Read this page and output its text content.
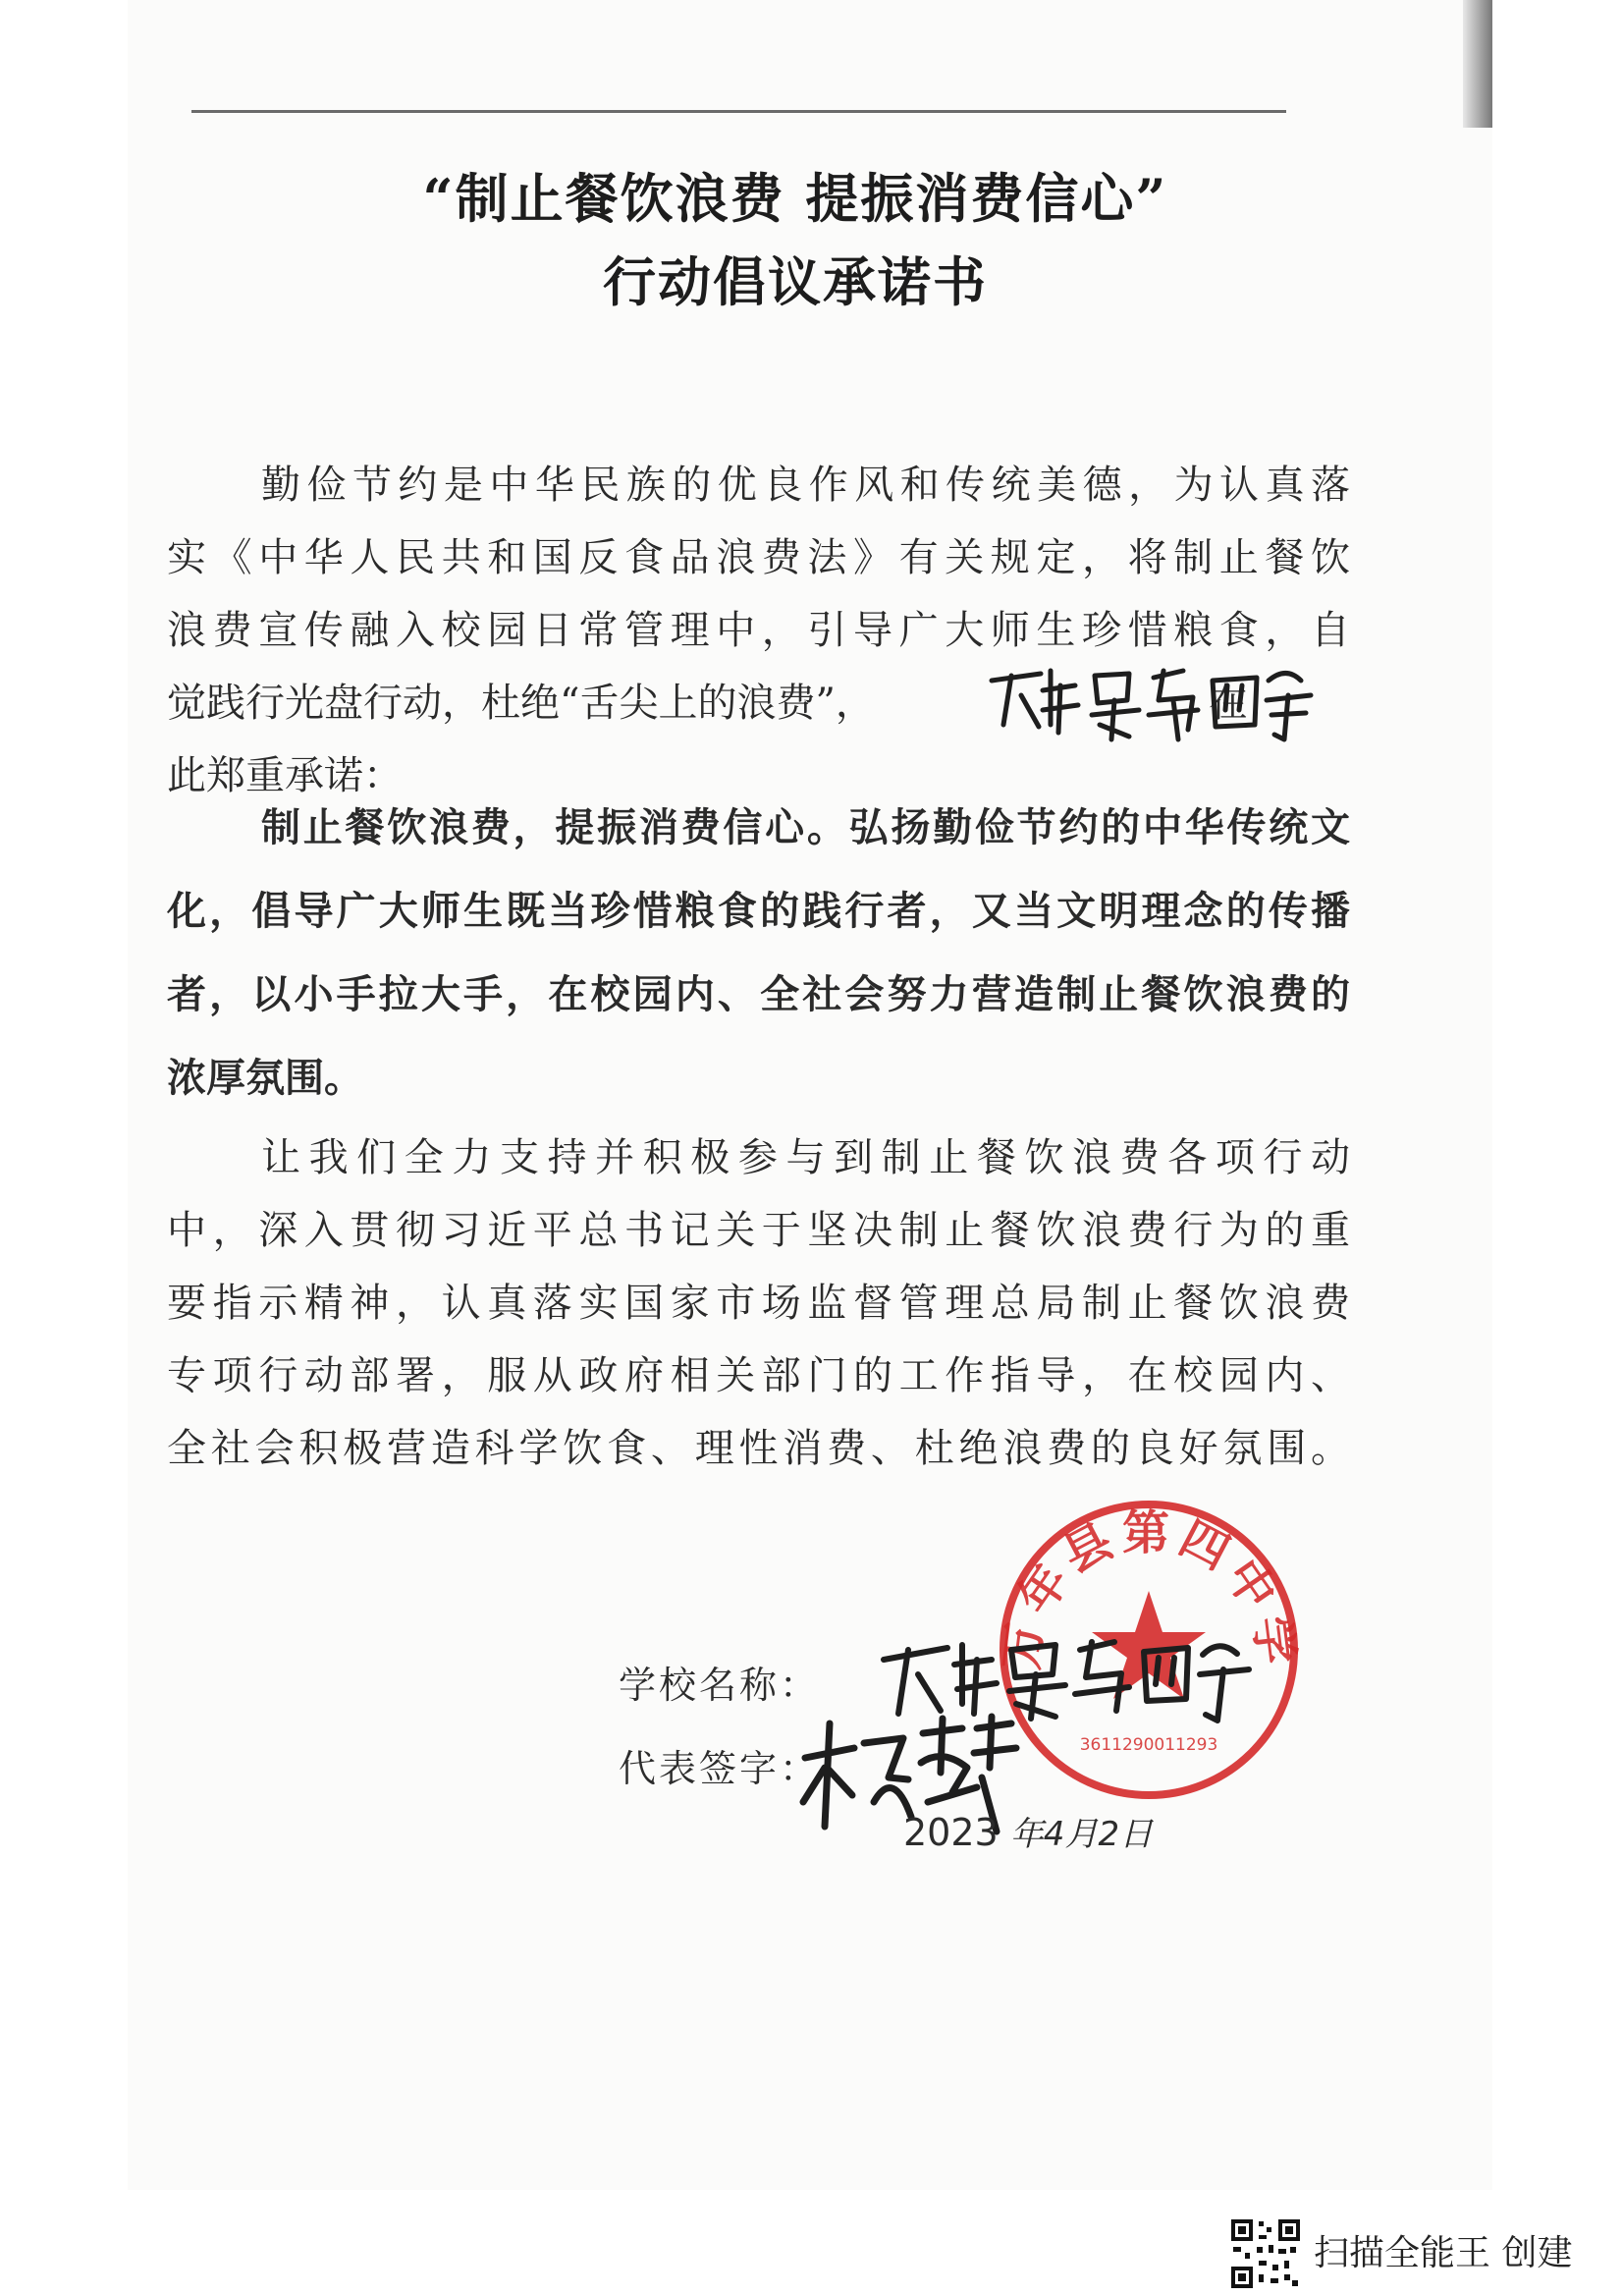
“制止餐饮浪费 提振消费信心”
行动倡议承诺书
勤俭节约是中华民族的优良作风和传统美德，为认真落
实《中华人民共和国反食品浪费法》有关规定，将制止餐饮
浪费宣传融入校园日常管理中，引导广大师生珍惜粮食，自
觉践行光盘行动，杜绝“舌尖上的浪费”，	在
此郑重承诺：
制止餐饮浪费，提振消费信心。弘扬勤俭节约的中华传统文
化，倡导广大师生既当珍惜粮食的践行者，又当文明理念的传播
者，以小手拉大手，在校园内、全社会努力营造制止餐饮浪费的
浓厚氛围。
让我们全力支持并积极参与到制止餐饮浪费各项行动
中，深入贯彻习近平总书记关于坚决制止餐饮浪费行为的重
要指示精神，认真落实国家市场监督管理总局制止餐饮浪费
专项行动部署，服从政府相关部门的工作指导，在校园内、
全社会积极营造科学饮食、理性消费、杜绝浪费的良好氛围。
万年县第四中学
3611290011293
学校名称：
代表签字：
2023 年4月2日
扫描全能王 创建
